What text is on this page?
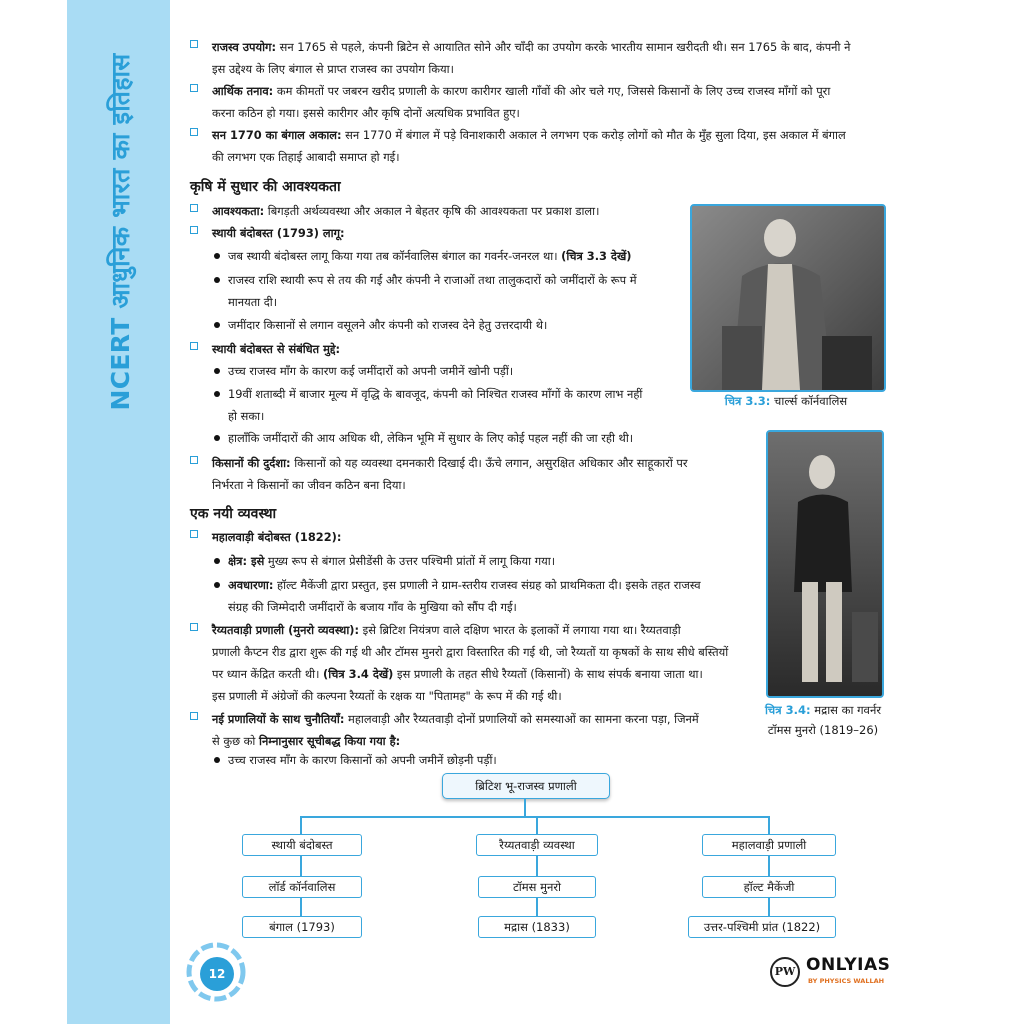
NCERT आधुनिक भारत का इतिहास
राजस्व उपयोग: सन 1765 से पहले, कंपनी ब्रिटेन से आयातित सोने और चाँदी का उपयोग करके भारतीय सामान खरीदती थी। सन 1765 के बाद, कंपनी ने
इस उद्देश्य के लिए बंगाल से प्राप्त राजस्व का उपयोग किया।
आर्थिक तनाव: कम कीमतों पर जबरन खरीद प्रणाली के कारण कारीगर खाली गाँवों की ओर चले गए, जिससे किसानों के लिए उच्च राजस्व माँगों को पूरा
करना कठिन हो गया। इससे कारीगर और कृषि दोनों अत्यधिक प्रभावित हुए।
सन 1770 का बंगाल अकाल: सन 1770 में बंगाल में पड़े विनाशकारी अकाल ने लगभग एक करोड़ लोगों को मौत के मुँह सुला दिया, इस अकाल में बंगाल
की लगभग एक तिहाई आबादी समाप्त हो गई।
कृषि में सुधार की आवश्यकता
आवश्यकता: बिगड़ती अर्थव्यवस्था और अकाल ने बेहतर कृषि की आवश्यकता पर प्रकाश डाला।
स्थायी बंदोबस्त (1793) लागू:
जब स्थायी बंदोबस्त लागू किया गया तब कॉर्नवालिस बंगाल का गवर्नर-जनरल था। (चित्र 3.3 देखें)
राजस्व राशि स्थायी रूप से तय की गई और कंपनी ने राजाओं तथा तालुकदारों को जमींदारों के रूप में
मानयता दी।
जमींदार किसानों से लगान वसूलने और कंपनी को राजस्व देने हेतु उत्तरदायी थे।
स्थायी बंदोबस्त से संबंधित मुद्दे:
उच्च राजस्व माँग के कारण कई जमींदारों को अपनी जमीनें खोनी पड़ीं।
19वीं शताब्दी में बाजार मूल्य में वृद्धि के बावजूद, कंपनी को निश्चित राजस्व माँगों के कारण लाभ नहीं
हो सका।
हालाँकि जमींदारों की आय अधिक थी, लेकिन भूमि में सुधार के लिए कोई पहल नहीं की जा रही थी।
किसानों की दुर्दशा: किसानों को यह व्यवस्था दमनकारी दिखाई दी। ऊँचे लगान, असुरक्षित अधिकार और साहूकारों पर
निर्भरता ने किसानों का जीवन कठिन बना दिया।
एक नयी व्यवस्था
महालवाड़ी बंदोबस्त (1822):
क्षेत्र: इसे मुख्य रूप से बंगाल प्रेसीडेंसी के उत्तर पश्चिमी प्रांतों में लागू किया गया।
अवधारणा: हॉल्ट मैकेंजी द्वारा प्रस्तुत, इस प्रणाली ने ग्राम-स्तरीय राजस्व संग्रह को प्राथमिकता दी। इसके तहत राजस्व
संग्रह की जिम्मेदारी जमींदारों के बजाय गाँव के मुखिया को सौंप दी गई।
रैय्यतवाड़ी प्रणाली (मुनरो व्यवस्था): इसे ब्रिटिश नियंत्रण वाले दक्षिण भारत के इलाकों में लगाया गया था। रैय्यतवाड़ी
प्रणाली कैप्टन रीड द्वारा शुरू की गई थी और टॉमस मुनरो द्वारा विस्तारित की गई थी, जो रैय्यतों या कृषकों के साथ सीधे बस्तियों
पर ध्यान केंद्रित करती थी। (चित्र 3.4 देखें) इस प्रणाली के तहत सीधे रैय्यतों (किसानों) के साथ संपर्क बनाया जाता था।
इस प्रणाली में अंग्रेजों की कल्पना रैय्यतों के रक्षक या "पितामह" के रूप में की गई थी।
नई प्रणालियों के साथ चुनौतियाँ: महालवाड़ी और रैय्यतवाड़ी दोनों प्रणालियों को समस्याओं का सामना करना पड़ा, जिनमें
से कुछ को निम्नानुसार सूचीबद्ध किया गया है:
उच्च राजस्व माँग के कारण किसानों को अपनी जमीनें छोड़नी पड़ीं।
चित्र 3.3: चार्ल्स कॉर्नवालिस
चित्र 3.4: मद्रास का गवर्नर
टॉमस मुनरो (1819–26)
ब्रिटिश भू-राजस्व प्रणाली
स्थायी बंदोबस्त	रैय्यतवाड़ी व्यवस्था	महालवाड़ी प्रणाली
लॉर्ड कॉर्नवालिस	टॉमस मुनरो	हॉल्ट मैकेंजी
बंगाल (1793)	मद्रास (1833)	उत्तर-पश्चिमी प्रांत (1822)
12	PW ONLYIAS
BY PHYSICS WALLAH
